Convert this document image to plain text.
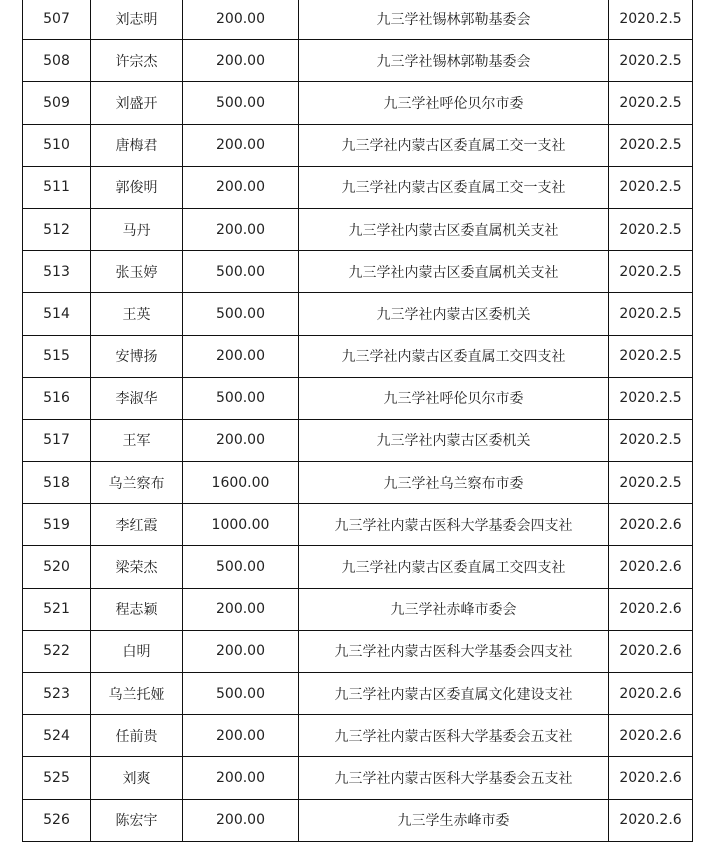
507	刘志明	200.00	九三学社锡林郭勒基委会	2020.2.5
508	许宗杰	200.00	九三学社锡林郭勒基委会	2020.2.5
509	刘盛开	500.00	九三学社呼伦贝尔市委	2020.2.5
510	唐梅君	200.00	九三学社内蒙古区委直属工交一支社	2020.2.5
511	郭俊明	200.00	九三学社内蒙古区委直属工交一支社	2020.2.5
512	马丹	200.00	九三学社内蒙古区委直属机关支社	2020.2.5
513	张玉婷	500.00	九三学社内蒙古区委直属机关支社	2020.2.5
514	王英	500.00	九三学社内蒙古区委机关	2020.2.5
515	安博扬	200.00	九三学社内蒙古区委直属工交四支社	2020.2.5
516	李淑华	500.00	九三学社呼伦贝尔市委	2020.2.5
517	王军	200.00	九三学社内蒙古区委机关	2020.2.5
518	乌兰察布	1600.00	九三学社乌兰察布市委	2020.2.5
519	李红霞	1000.00	九三学社内蒙古医科大学基委会四支社	2020.2.6
520	梁荣杰	500.00	九三学社内蒙古区委直属工交四支社	2020.2.6
521	程志颖	200.00	九三学社赤峰市委会	2020.2.6
522	白明	200.00	九三学社内蒙古医科大学基委会四支社	2020.2.6
523	乌兰托娅	500.00	九三学社内蒙古区委直属文化建设支社	2020.2.6
524	任前贵	200.00	九三学社内蒙古医科大学基委会五支社	2020.2.6
525	刘爽	200.00	九三学社内蒙古医科大学基委会五支社	2020.2.6
526	陈宏宇	200.00	九三学生赤峰市委	2020.2.6
